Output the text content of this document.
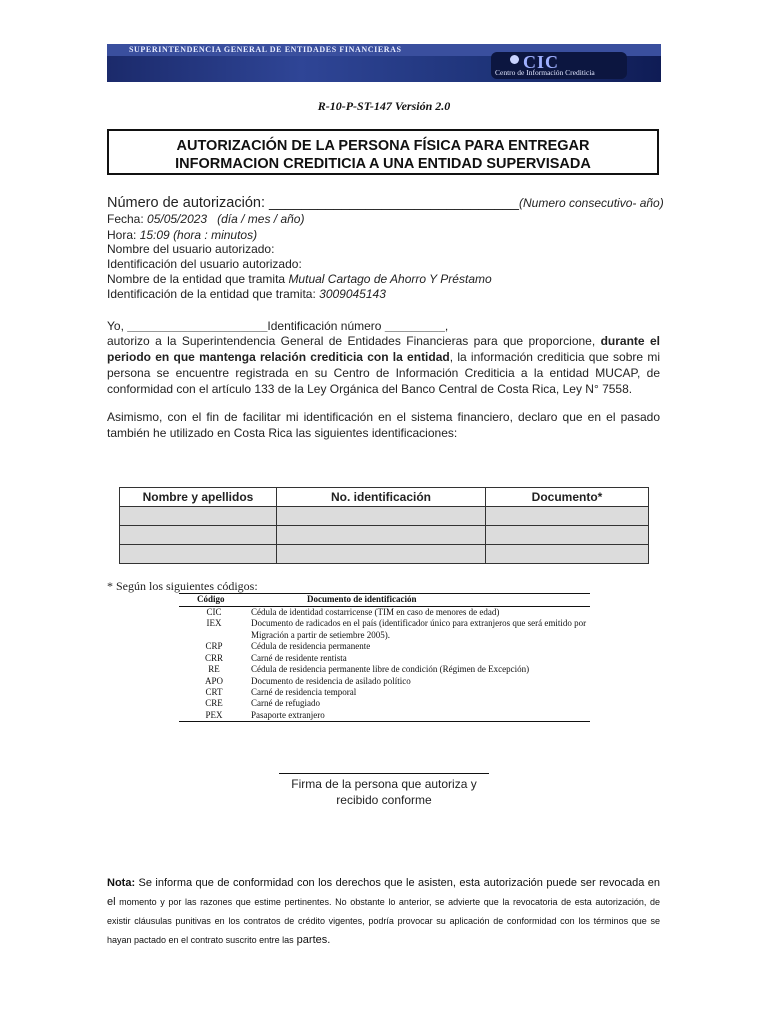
SUPERINTENDENCIA GENERAL DE ENTIDADES FINANCIERAS
CIC
Centro de Información Crediticia
R-10-P-ST-147 Versión 2.0
AUTORIZACIÓN DE LA PERSONA FÍSICA PARA ENTREGAR
INFORMACION CREDITICIA A UNA ENTIDAD SUPERVISADA
Número de autorización: _______________________________(Numero consecutivo- año)
Fecha: 05/05/2023 (día / mes / año)
Hora: 15:09 (hora : minutos)
Nombre del usuario autorizado:
Identificación del usuario autorizado:
Nombre de la entidad que tramita Mutual Cartago de Ahorro Y Préstamo
Identificación de la entidad que tramita: 3009045143
Yo, _____________________Identificación número _________,
autorizo a la Superintendencia General de Entidades Financieras para que proporcione, durante el periodo en que mantenga relación crediticia con la entidad, la información crediticia que sobre mi persona se encuentre registrada en su Centro de Información Crediticia a la entidad MUCAP, de conformidad con el artículo 133 de la Ley Orgánica del Banco Central de Costa Rica, Ley N° 7558.
Asimismo, con el fin de facilitar mi identificación en el sistema financiero, declaro que en el pasado también he utilizado en Costa Rica las siguientes identificaciones:
Nombre y apellidos	No. identificación	Documento*

* Según los siguientes códigos:
Código	Documento de identificación
CIC	Cédula de identidad costarricense (TIM en caso de menores de edad)
IEX	Documento de radicados en el país (identificador único para extranjeros que será emitido por Migración a partir de setiembre 2005).
CRP	Cédula de residencia permanente
CRR	Carné de residente rentista
RE	Cédula de residencia permanente libre de condición (Régimen de Excepción)
APO	Documento de residencia de asilado político
CRT	Carné de residencia temporal
CRE	Carné de refugiado
PEX	Pasaporte extranjero
Firma de la persona que autoriza y
recibido conforme
Nota: Se informa que de conformidad con los derechos que le asisten, esta autorización puede ser revocada en el momento y por las razones que estime pertinentes. No obstante lo anterior, se advierte que la revocatoria de esta autorización, de existir cláusulas punitivas en los contratos de crédito vigentes, podría provocar su aplicación de conformidad con los términos que se hayan pactado en el contrato suscrito entre las partes.
